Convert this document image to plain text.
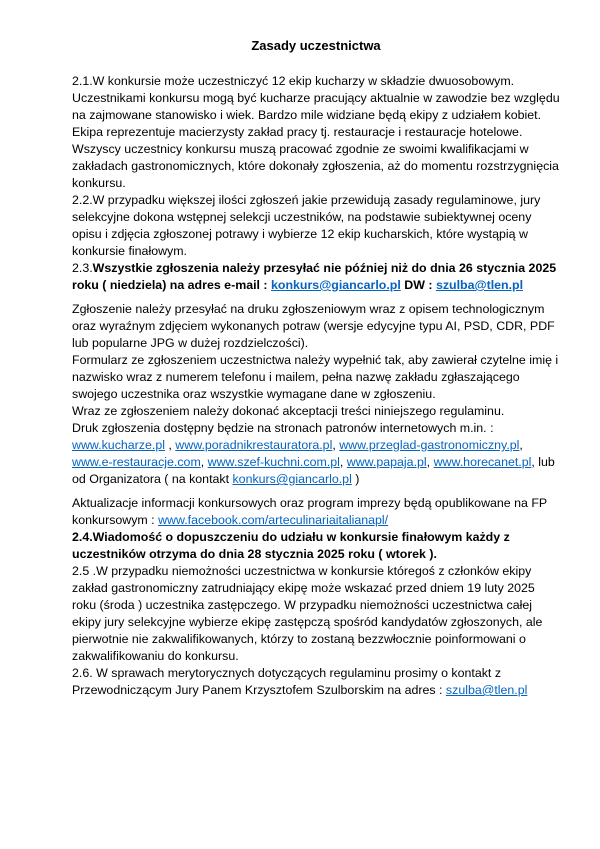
Zasady uczestnictwa

2.1.W konkursie może uczestniczyć 12 ekip kucharzy w składzie dwuosobowym. Uczestnikami konkursu mogą być kucharze pracujący aktualnie w zawodzie bez względu na zajmowane stanowisko i wiek. Bardzo mile widziane będą ekipy z udziałem kobiet. Ekipa reprezentuje macierzysty zakład pracy tj. restauracje i restauracje hotelowe. Wszyscy uczestnicy konkursu muszą pracować zgodnie ze swoimi kwalifikacjami w zakładach gastronomicznych, które dokonały zgłoszenia, aż do momentu rozstrzygnięcia konkursu.

2.2.W przypadku większej ilości zgłoszeń jakie przewidują zasady regulaminowe, jury selekcyjne dokona wstępnej selekcji uczestników, na podstawie subiektywnej oceny opisu i zdjęcia zgłoszonej potrawy i wybierze 12 ekip kucharskich, które wystąpią w konkursie finałowym.

2.3.Wszystkie zgłoszenia należy przesyłać nie później niż do dnia 26 stycznia 2025 roku ( niedziela) na adres e-mail : konkurs@giancarlo.pl DW : szulba@tlen.pl

Zgłoszenie należy przesyłać na druku zgłoszeniowym wraz z opisem technologicznym oraz wyraźnym zdjęciem wykonanych potraw (wersje edycyjne typu AI, PSD, CDR, PDF lub popularne JPG w dużej rozdzielczości).

Formularz ze zgłoszeniem uczestnictwa należy wypełnić tak, aby zawierał czytelne imię i nazwisko wraz z numerem telefonu i mailem, pełna nazwę zakładu zgłaszającego swojego uczestnika oraz wszystkie wymagane dane w zgłoszeniu.

Wraz ze zgłoszeniem należy dokonać akceptacji treści niniejszego regulaminu.

Druk zgłoszenia dostępny będzie na stronach patronów internetowych m.in. : www.kucharze.pl , www.poradnikrestauratora.pl, www.przeglad-gastronomiczny.pl, www.e-restauracje.com, www.szef-kuchni.com.pl, www.papaja.pl, www.horecanet.pl, lub od Organizatora ( na kontakt konkurs@giancarlo.pl )

Aktualizacje informacji konkursowych oraz program imprezy będą opublikowane na FP konkursowym : www.facebook.com/arteculinariaitalianapl/

2.4.Wiadomość o dopuszczeniu do udziału w konkursie finałowym każdy z uczestników otrzyma do dnia 28 stycznia 2025 roku ( wtorek ).

2.5 .W przypadku niemożności uczestnictwa w konkursie któregoś z członków ekipy zakład gastronomiczny zatrudniający ekipę może wskazać przed dniem 19 luty 2025 roku (środa ) uczestnika zastępczego. W przypadku niemożności uczestnictwa całej ekipy jury selekcyjne wybierze ekipę zastępczą spośród kandydatów zgłoszonych, ale pierwotnie nie zakwalifikowanych, którzy to zostaną bezzwłocznie poinformowani o zakwalifikowaniu do konkursu.

2.6. W sprawach merytorycznych dotyczących regulaminu prosimy o kontakt z Przewodniczącym Jury Panem Krzysztofem Szulborskim na adres : szulba@tlen.pl
